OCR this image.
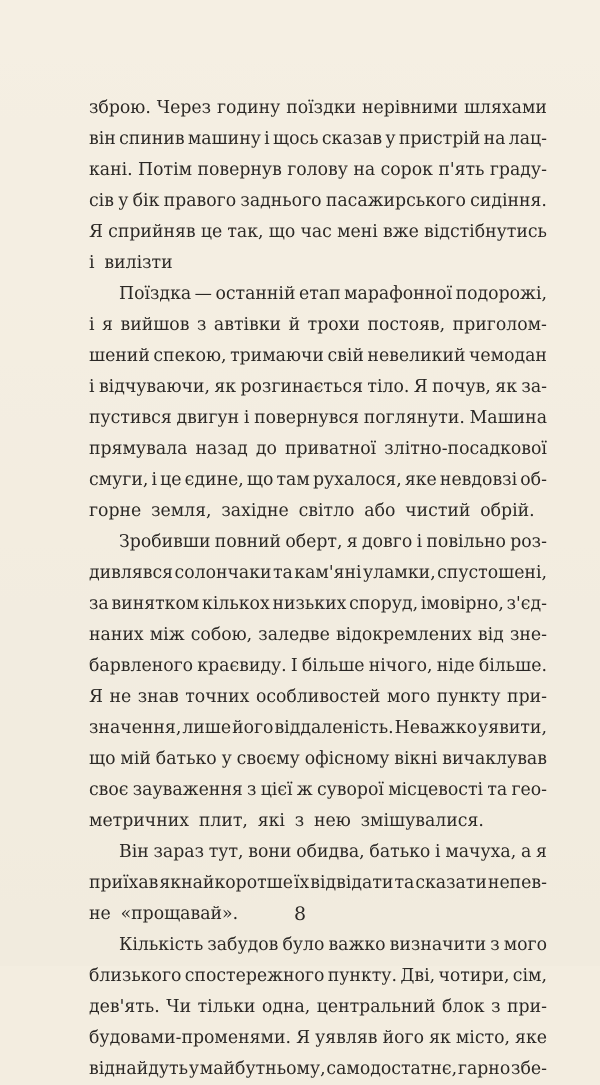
зброю. Через годину поїздки нерівними шляхами
він спинив машину і щось сказав у пристрій на лац-
кані. Потім повернув голову на сорок п'ять граду-
сів у бік правого заднього пасажирського сидіння.
Я сприйняв це так, що час мені вже відстібнутись
і вилізти
Поїздка — останній етап марафонної подорожі,
і я вийшов з автівки й трохи постояв, приголом-
шений спекою, тримаючи свій невеликий чемодан
і відчуваючи, як розгинається тіло. Я почув, як за-
пустився двигун і повернувся поглянути. Машина
прямувала назад до приватної злітно-посадкової
смуги, і це єдине, що там рухалося, яке невдовзі об-
горне земля, західне світло або чистий обрій.
Зробивши повний оберт, я довго і повільно роз-
дивлявся солончаки та кам'яні уламки, спустошені,
за винятком кількох низьких споруд, імовірно, з'єд-
наних між собою, заледве відокремлених від зне-
барвленого краєвиду. І більше нічого, ніде більше.
Я не знав точних особливостей мого пункту при-
значення, лише його віддаленість. Неважко уявити,
що мій батько у своєму офісному вікні вичаклував
своє зауваження з цієї ж суворої місцевості та гео-
метричних плит, які з нею змішувалися.
Він зараз тут, вони обидва, батько і мачуха, а я
приїхав якнайкоротше їх відвідати та сказати непев-
не «прощавай».
Кількість забудов було важко визначити з мого
близького спостережного пункту. Дві, чотири, сім,
дев'ять. Чи тільки одна, центральний блок з при-
будовами-променями. Я уявляв його як місто, яке
віднайдуть у майбутньому, самодостатнє, гарно збе-
8
